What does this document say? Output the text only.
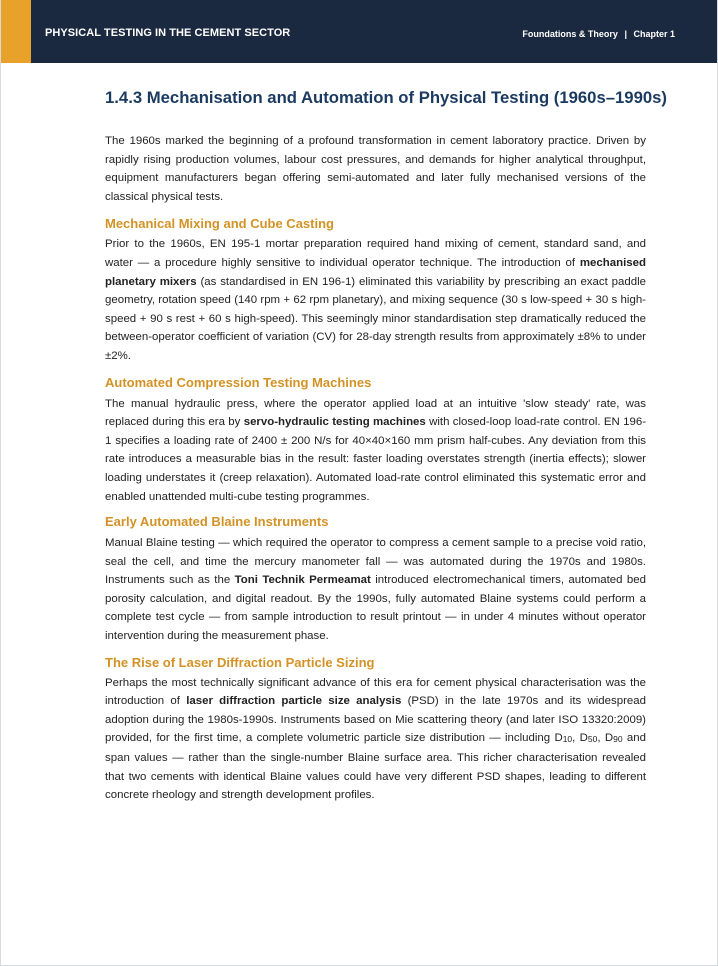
PHYSICAL TESTING IN THE CEMENT SECTOR	Foundations & Theory | Chapter 1
1.4.3 Mechanisation and Automation of Physical Testing (1960s–1990s)

The 1960s marked the beginning of a profound transformation in cement laboratory practice. Driven by rapidly rising production volumes, labour cost pressures, and demands for higher analytical throughput, equipment manufacturers began offering semi-automated and later fully mechanised versions of the classical physical tests.

Mechanical Mixing and Cube Casting

Prior to the 1960s, EN 195-1 mortar preparation required hand mixing of cement, standard sand, and water — a procedure highly sensitive to individual operator technique. The introduction of mechanised planetary mixers (as standardised in EN 196-1) eliminated this variability by prescribing an exact paddle geometry, rotation speed (140 rpm + 62 rpm planetary), and mixing sequence (30 s low-speed + 30 s high-speed + 90 s rest + 60 s high-speed). This seemingly minor standardisation step dramatically reduced the between-operator coefficient of variation (CV) for 28-day strength results from approximately ±8% to under ±2%.

Automated Compression Testing Machines

The manual hydraulic press, where the operator applied load at an intuitive 'slow steady' rate, was replaced during this era by servo-hydraulic testing machines with closed-loop load-rate control. EN 196-1 specifies a loading rate of 2400 ± 200 N/s for 40×40×160 mm prism half-cubes. Any deviation from this rate introduces a measurable bias in the result: faster loading overstates strength (inertia effects); slower loading understates it (creep relaxation). Automated load-rate control eliminated this systematic error and enabled unattended multi-cube testing programmes.

Early Automated Blaine Instruments

Manual Blaine testing — which required the operator to compress a cement sample to a precise void ratio, seal the cell, and time the mercury manometer fall — was automated during the 1970s and 1980s. Instruments such as the Toni Technik Permeamat introduced electromechanical timers, automated bed porosity calculation, and digital readout. By the 1990s, fully automated Blaine systems could perform a complete test cycle — from sample introduction to result printout — in under 4 minutes without operator intervention during the measurement phase.

The Rise of Laser Diffraction Particle Sizing

Perhaps the most technically significant advance of this era for cement physical characterisation was the introduction of laser diffraction particle size analysis (PSD) in the late 1970s and its widespread adoption during the 1980s-1990s. Instruments based on Mie scattering theory (and later ISO 13320:2009) provided, for the first time, a complete volumetric particle size distribution — including $D_{10}$, $D_{50}$, $D_{90}$ and span values — rather than the single-number Blaine surface area. This richer characterisation revealed that two cements with identical Blaine values could have very different PSD shapes, leading to different concrete rheology and strength development profiles.
